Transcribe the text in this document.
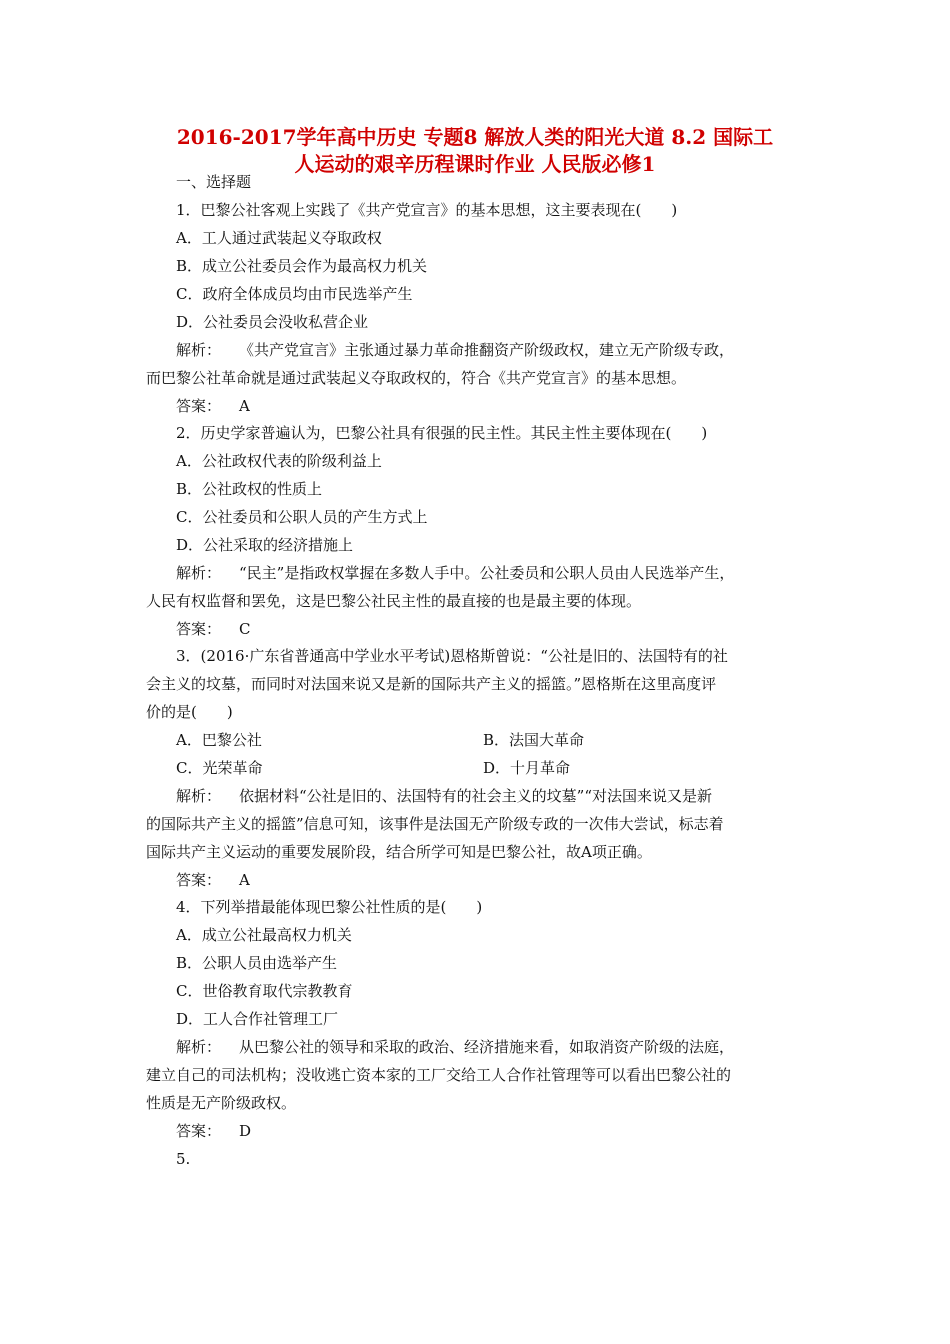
2016-2017学年高中历史 专题8 解放人类的阳光大道 8.2 国际工
人运动的艰辛历程课时作业 人民版必修1
一、选择题
1．巴黎公社客观上实践了《共产党宣言》的基本思想，这主要表现在(　　)
A．工人通过武装起义夺取政权
B．成立公社委员会作为最高权力机关
C．政府全体成员均由市民选举产生
D．公社委员会没收私营企业
解析： 《共产党宣言》主张通过暴力革命推翻资产阶级政权，建立无产阶级专政，
而巴黎公社革命就是通过武装起义夺取政权的，符合《共产党宣言》的基本思想。
答案： A
2．历史学家普遍认为，巴黎公社具有很强的民主性。其民主性主要体现在(　　)
A．公社政权代表的阶级利益上
B．公社政权的性质上
C．公社委员和公职人员的产生方式上
D．公社采取的经济措施上
解析： “民主”是指政权掌握在多数人手中。公社委员和公职人员由人民选举产生，
人民有权监督和罢免，这是巴黎公社民主性的最直接的也是最主要的体现。
答案： C
3．(2016·广东省普通高中学业水平考试)恩格斯曾说：“公社是旧的、法国特有的社
会主义的坟墓，而同时对法国来说又是新的国际共产主义的摇篮。”恩格斯在这里高度评
价的是(　　)
A．巴黎公社	B．法国大革命
C．光荣革命	D．十月革命
解析： 依据材料“公社是旧的、法国特有的社会主义的坟墓”“对法国来说又是新
的国际共产主义的摇篮”信息可知，该事件是法国无产阶级专政的一次伟大尝试，标志着
国际共产主义运动的重要发展阶段，结合所学可知是巴黎公社，故A项正确。
答案： A
4．下列举措最能体现巴黎公社性质的是(　　)
A．成立公社最高权力机关
B．公职人员由选举产生
C．世俗教育取代宗教教育
D．工人合作社管理工厂
解析： 从巴黎公社的领导和采取的政治、经济措施来看，如取消资产阶级的法庭，
建立自己的司法机构；没收逃亡资本家的工厂交给工人合作社管理等可以看出巴黎公社的
性质是无产阶级政权。
答案： D
5.
